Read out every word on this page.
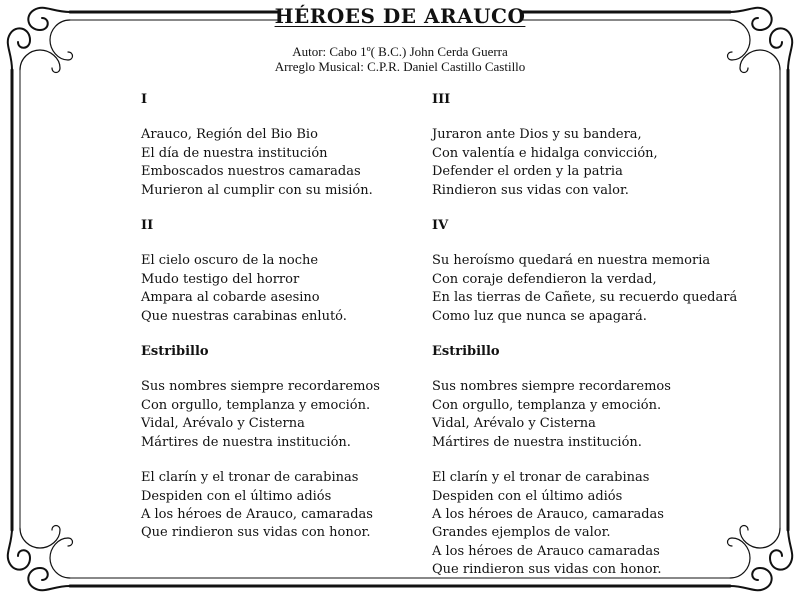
HÉROES DE ARAUCO
Autor: Cabo 1º( B.C.) John Cerda Guerra
Arreglo Musical: C.P.R. Daniel Castillo Castillo
I
Arauco, Región del Bio Bio
El día de nuestra institución
Emboscados nuestros camaradas
Murieron al cumplir con su misión.
II
El cielo oscuro de la noche
Mudo testigo del horror
Ampara al cobarde asesino
Que nuestras carabinas enlutó.
Estribillo
Sus nombres siempre recordaremos
Con orgullo, templanza y emoción.
Vidal, Arévalo y Cisterna
Mártires de nuestra institución.
El clarín y el tronar de carabinas
Despiden con el último adiós
A los héroes de Arauco, camaradas
Que rindieron sus vidas con honor.
III
Juraron ante Dios y su bandera,
Con valentía e hidalga convicción,
Defender el orden y la patria
Rindieron sus vidas con valor.
IV
Su heroísmo quedará en nuestra memoria
Con coraje defendieron la verdad,
En las tierras de Cañete, su recuerdo quedará
Como luz que nunca se apagará.
Estribillo
Sus nombres siempre recordaremos
Con orgullo, templanza y emoción.
Vidal, Arévalo y Cisterna
Mártires de nuestra institución.
El clarín y el tronar de carabinas
Despiden con el último adiós
A los héroes de Arauco, camaradas
Grandes ejemplos de valor.
A los héroes de Arauco camaradas
Que rindieron sus vidas con honor.
